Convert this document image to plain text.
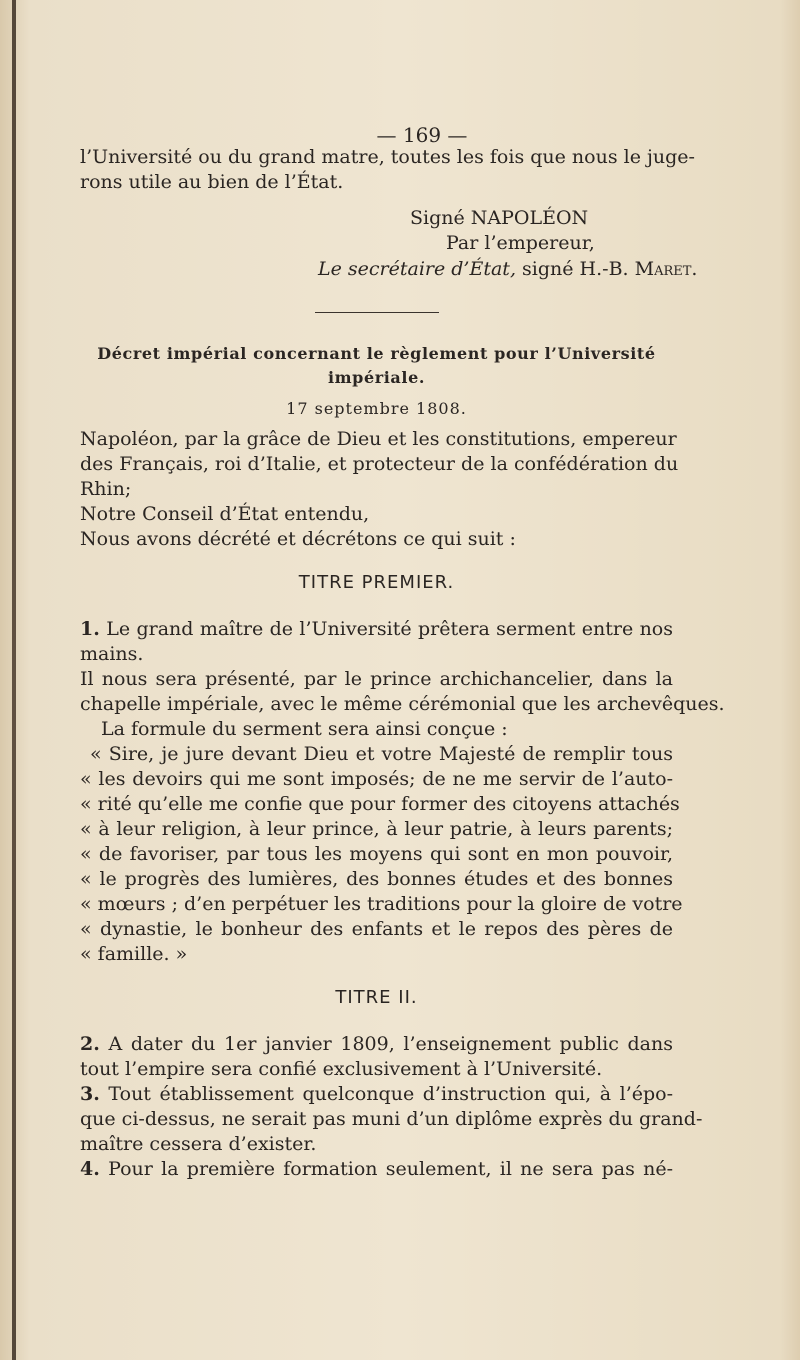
— 169 —
l’Université ou du grand matre, toutes les fois que nous le juge-
rons utile au bien de l’État.
Signé NAPOLÉON
Par l’empereur,
Le secrétaire d’État, signé H.-B. Maret.
Décret impérial concernant le règlement pour l’Université
impériale.
17 septembre 1808.
Napoléon, par la grâce de Dieu et les constitutions, empereur
des Français, roi d’Italie, et protecteur de la confédération du
Rhin;
Notre Conseil d’État entendu,
Nous avons décrété et décrétons ce qui suit :
TITRE PREMIER.
1. Le grand maître de l’Université prêtera serment entre nos
mains.
Il nous sera présenté, par le prince archichancelier, dans la
chapelle impériale, avec le même cérémonial que les archevêques.
La formule du serment sera ainsi conçue :
« Sire, je jure devant Dieu et votre Majesté de remplir tous
« les devoirs qui me sont imposés; de ne me servir de l’auto-
« rité qu’elle me confie que pour former des citoyens attachés
« à leur religion, à leur prince, à leur patrie, à leurs parents;
« de favoriser, par tous les moyens qui sont en mon pouvoir,
« le progrès des lumières, des bonnes études et des bonnes
« mœurs ; d’en perpétuer les traditions pour la gloire de votre
« dynastie, le bonheur des enfants et le repos des pères de
« famille. »
TITRE II.
2. A dater du 1er janvier 1809, l’enseignement public dans
tout l’empire sera confié exclusivement à l’Université.
3. Tout établissement quelconque d’instruction qui, à l’épo-
que ci-dessus, ne serait pas muni d’un diplôme exprès du grand-
maître cessera d’exister.
4. Pour la première formation seulement, il ne sera pas né-
